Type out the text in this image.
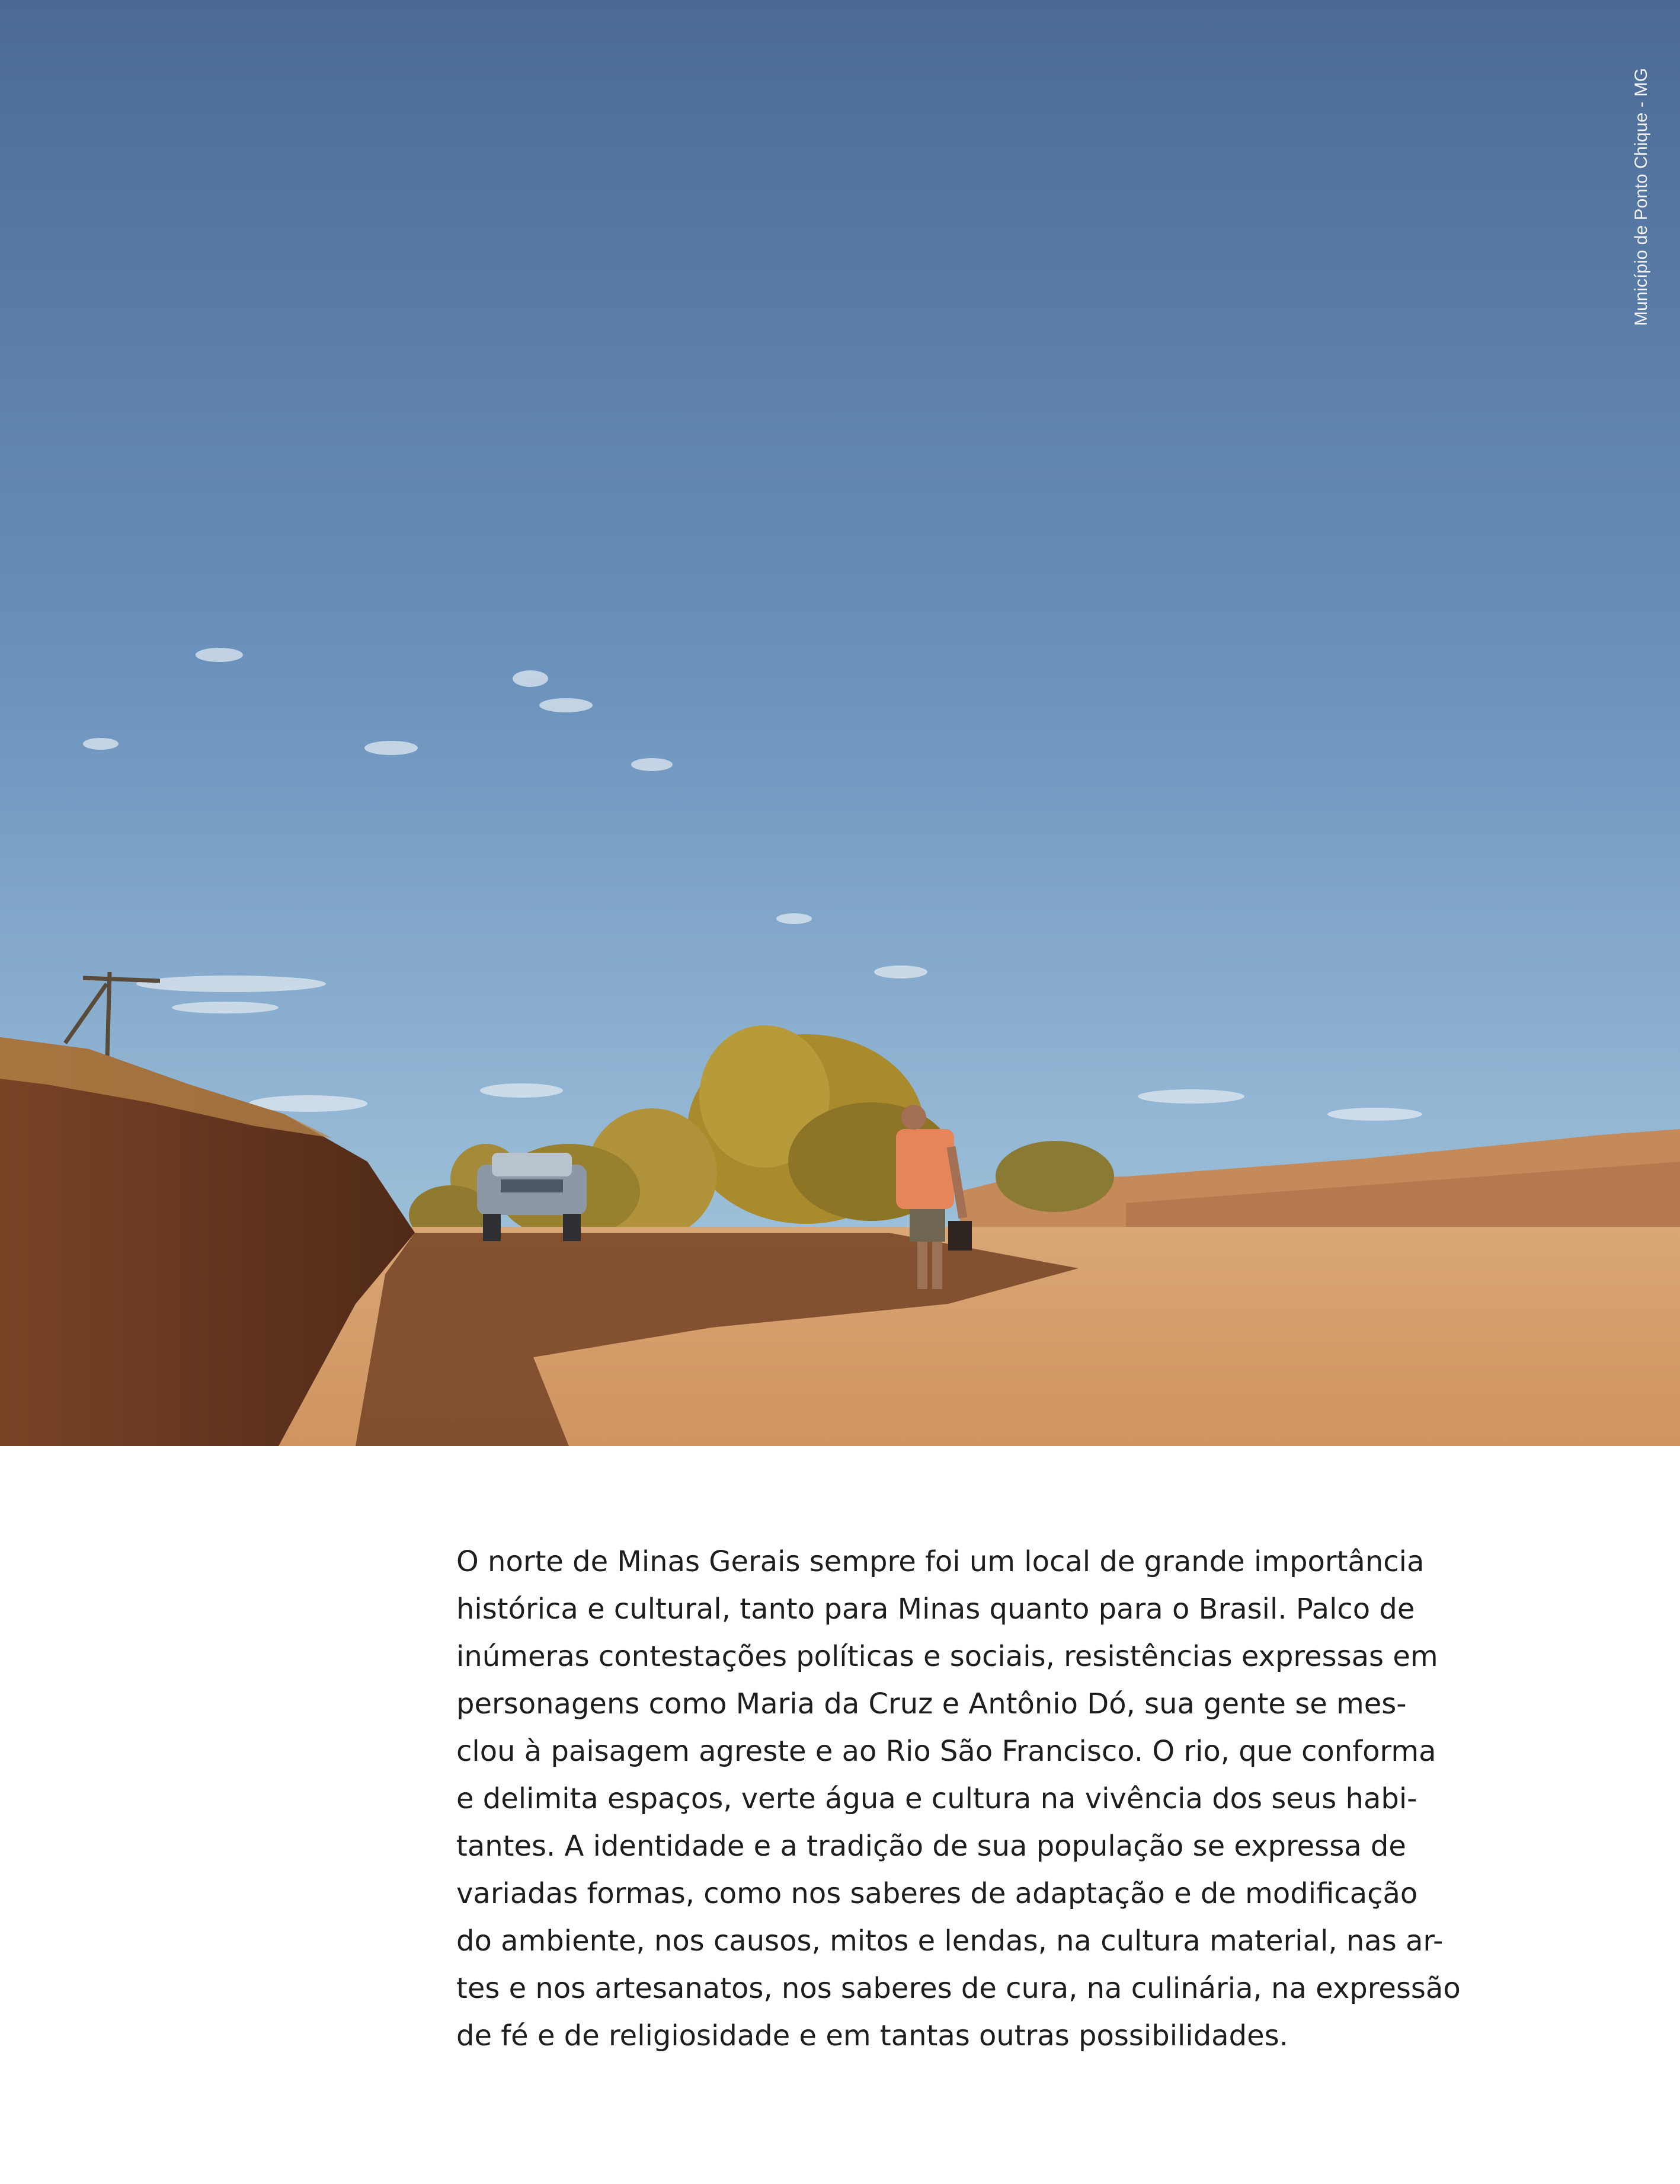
Município de Ponto Chique - MG
O norte de Minas Gerais sempre foi um local de grande importância
histórica e cultural, tanto para Minas quanto para o Brasil. Palco de
inúmeras contestações políticas e sociais, resistências expressas em
personagens como Maria da Cruz e Antônio Dó, sua gente se mes-
clou à paisagem agreste e ao Rio São Francisco. O rio, que conforma
e delimita espaços, verte água e cultura na vivência dos seus habi-
tantes. A identidade e a tradição de sua população se expressa de
variadas formas, como nos saberes de adaptação e de modificação
do ambiente, nos causos, mitos e lendas, na cultura material, nas ar-
tes e nos artesanatos, nos saberes de cura, na culinária, na expressão
de fé e de religiosidade e em tantas outras possibilidades.
